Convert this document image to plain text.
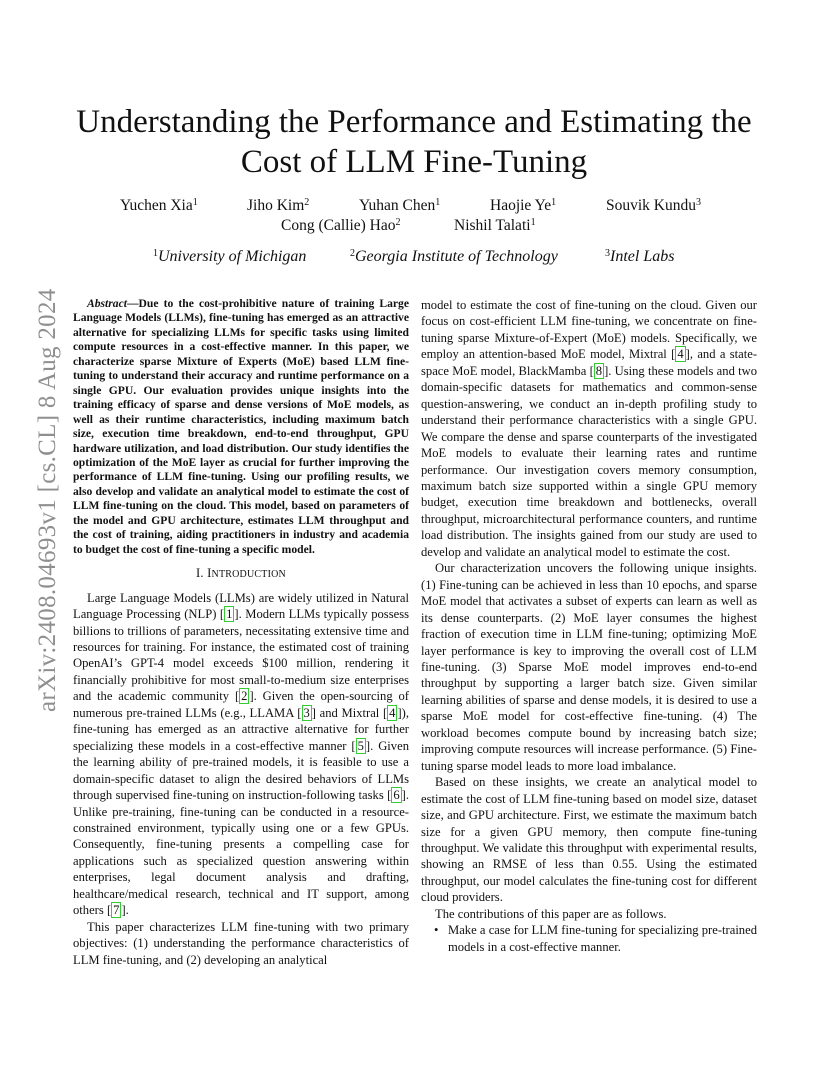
arXiv:2408.04693v1 [cs.CL] 8 Aug 2024
Understanding the Performance and Estimating the
Cost of LLM Fine-Tuning
Yuchen Xia$^1$	Jiho Kim$^2$	Yuhan Chen$^1$	Haojie Ye$^1$	Souvik Kundu$^3$
Cong (Callie) Hao$^2$	Nishil Talati$^1$
$^1$University of Michigan	$^2$Georgia Institute of Technology	$^3$Intel Labs

Abstract—Due to the cost-prohibitive nature of training Large Language Models (LLMs), fine-tuning has emerged as an attractive alternative for specializing LLMs for specific tasks using limited compute resources in a cost-effective manner. In this paper, we characterize sparse Mixture of Experts (MoE) based LLM fine-tuning to understand their accuracy and runtime performance on a single GPU. Our evaluation provides unique insights into the training efficacy of sparse and dense versions of MoE models, as well as their runtime characteristics, including maximum batch size, execution time breakdown, end-to-end throughput, GPU hardware utilization, and load distribution. Our study identifies the optimization of the MoE layer as crucial for further improving the performance of LLM fine-tuning. Using our profiling results, we also develop and validate an analytical model to estimate the cost of LLM fine-tuning on the cloud. This model, based on parameters of the model and GPU architecture, estimates LLM throughput and the cost of training, aiding practitioners in industry and academia to budget the cost of fine-tuning a specific model.

I. INTRODUCTION

Large Language Models (LLMs) are widely utilized in Natural Language Processing (NLP) [ 1 ]. Modern LLMs typically possess billions to trillions of parameters, necessitating extensive time and resources for training. For instance, the estimated cost of training OpenAI’s GPT-4 model exceeds $100 million, rendering it financially prohibitive for most small-to-medium size enterprises and the academic community [ 2 ]. Given the open-sourcing of numerous pre-trained LLMs (e.g., LLAMA [ 3 ] and Mixtral [ 4 ]), fine-tuning has emerged as an attractive alternative for further specializing these models in a cost-effective manner [ 5 ]. Given the learning ability of pre-trained models, it is feasible to use a domain-specific dataset to align the desired behaviors of LLMs through supervised fine-tuning on instruction-following tasks [ 6 ]. Unlike pre-training, fine-tuning can be conducted in a resource-constrained environment, typically using one or a few GPUs. Consequently, fine-tuning presents a compelling case for applications such as specialized question answering within enterprises, legal document analysis and drafting, healthcare/medical research, technical and IT support, among others [ 7 ].

This paper characterizes LLM fine-tuning with two primary objectives: (1) understanding the performance characteristics of LLM fine-tuning, and (2) developing an analytical

model to estimate the cost of fine-tuning on the cloud. Given our focus on cost-efficient LLM fine-tuning, we concentrate on fine-tuning sparse Mixture-of-Expert (MoE) models. Specifically, we employ an attention-based MoE model, Mixtral [ 4 ], and a state-space MoE model, BlackMamba [ 8 ]. Using these models and two domain-specific datasets for mathematics and common-sense question-answering, we conduct an in-depth profiling study to understand their performance characteristics with a single GPU. We compare the dense and sparse counterparts of the investigated MoE models to evaluate their learning rates and runtime performance. Our investigation covers memory consumption, maximum batch size supported within a single GPU memory budget, execution time breakdown and bottlenecks, overall throughput, microarchitectural performance counters, and runtime load distribution. The insights gained from our study are used to develop and validate an analytical model to estimate the cost.

Our characterization uncovers the following unique insights. (1) Fine-tuning can be achieved in less than 10 epochs, and sparse MoE model that activates a subset of experts can learn as well as its dense counterparts. (2) MoE layer consumes the highest fraction of execution time in LLM fine-tuning; optimizing MoE layer performance is key to improving the overall cost of LLM fine-tuning. (3) Sparse MoE model improves end-to-end throughput by supporting a larger batch size. Given similar learning abilities of sparse and dense models, it is desired to use a sparse MoE model for cost-effective fine-tuning. (4) The workload becomes compute bound by increasing batch size; improving compute resources will increase performance. (5) Fine-tuning sparse model leads to more load imbalance.

Based on these insights, we create an analytical model to estimate the cost of LLM fine-tuning based on model size, dataset size, and GPU architecture. First, we estimate the maximum batch size for a given GPU memory, then compute fine-tuning throughput. We validate this throughput with experimental results, showing an RMSE of less than 0.55. Using the estimated throughput, our model calculates the fine-tuning cost for different cloud providers.

The contributions of this paper are as follows.

• Make a case for LLM fine-tuning for specializing pre-trained models in a cost-effective manner.
